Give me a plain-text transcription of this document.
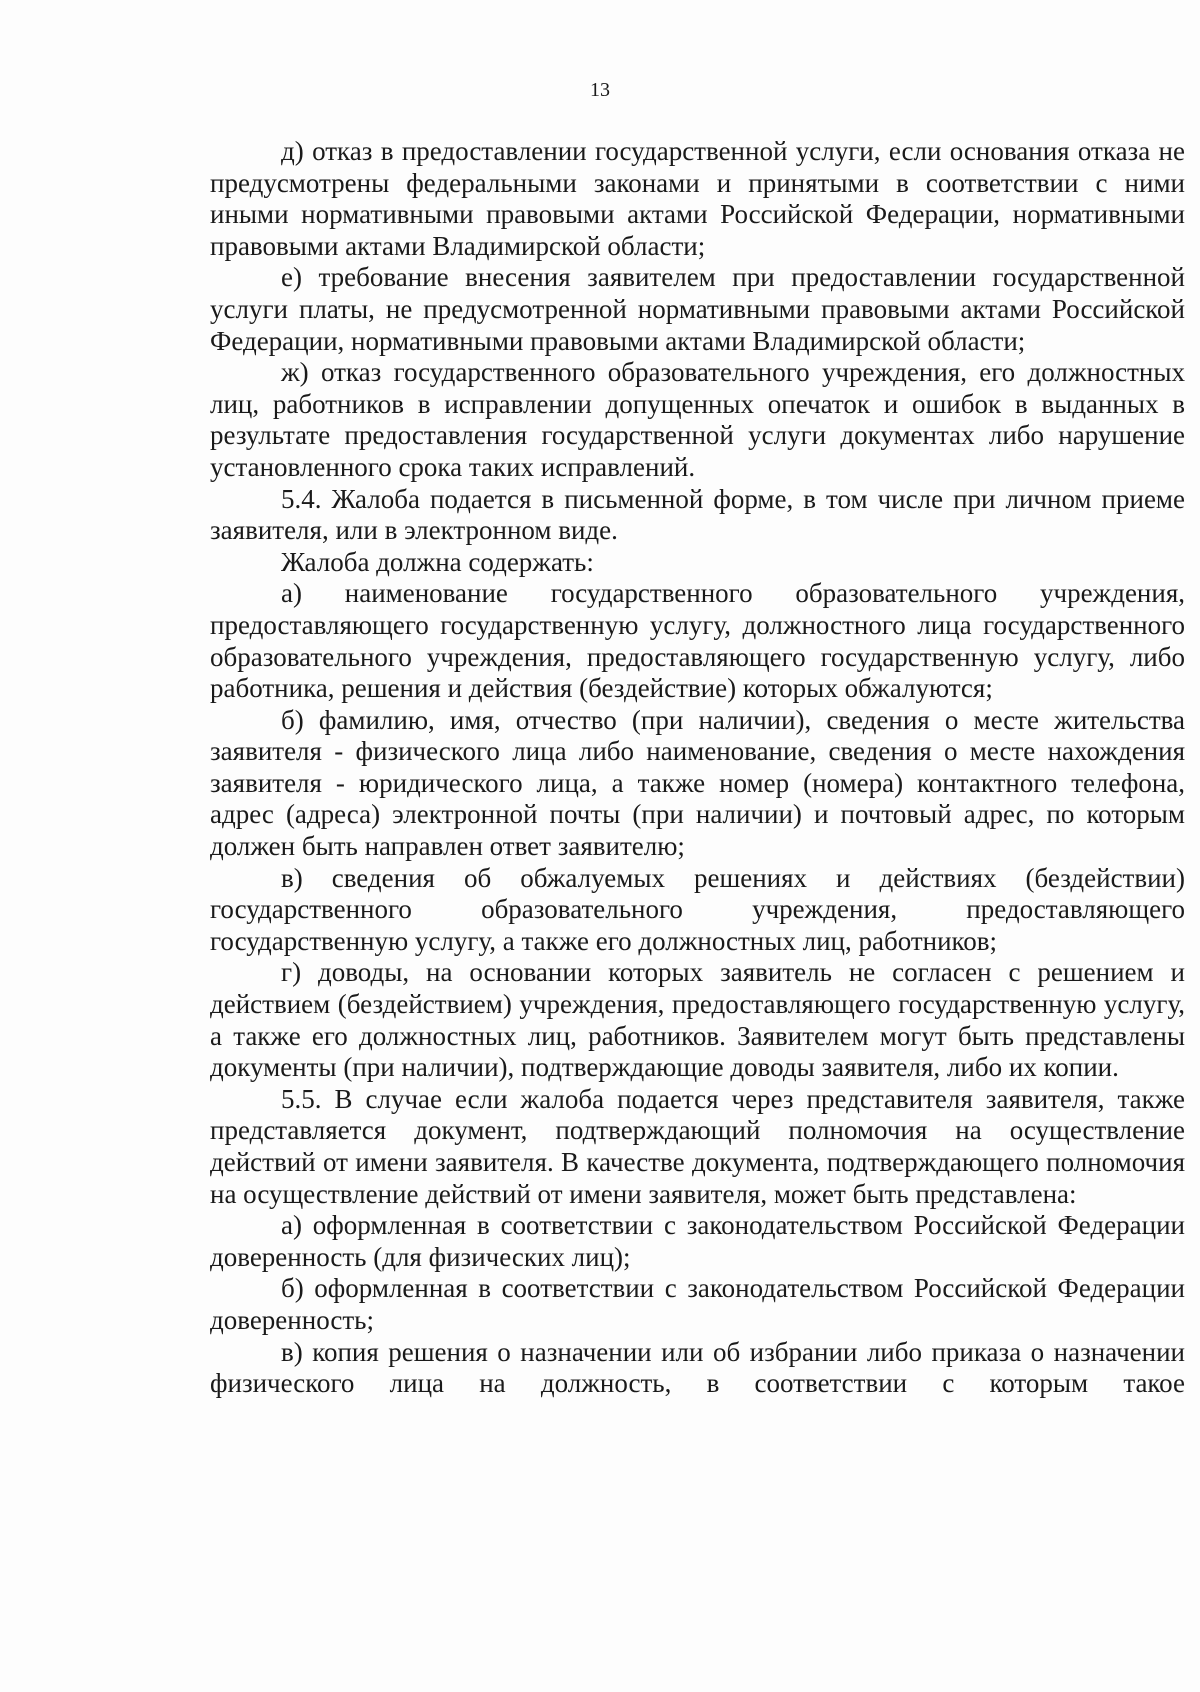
13

д) отказ в предоставлении государственной услуги, если основания отказа не предусмотрены федеральными законами и принятыми в соответствии с ними иными нормативными правовыми актами Российской Федерации, нормативными правовыми актами Владимирской области;

е) требование внесения заявителем при предоставлении государственной услуги платы, не предусмотренной нормативными правовыми актами Российской Федерации, нормативными правовыми актами Владимирской области;

ж) отказ государственного образовательного учреждения, его должностных лиц, работников в исправлении допущенных опечаток и ошибок в выданных в результате предоставления государственной услуги документах либо нарушение установленного срока таких исправлений.

5.4. Жалоба подается в письменной форме, в том числе при личном приеме заявителя, или в электронном виде.

Жалоба должна содержать:

а) наименование государственного образовательного учреждения, предоставляющего государственную услугу, должностного лица государственного образовательного учреждения, предоставляющего государственную услугу, либо работника, решения и действия (бездействие) которых обжалуются;

б) фамилию, имя, отчество (при наличии), сведения о месте жительства заявителя - физического лица либо наименование, сведения о месте нахождения заявителя - юридического лица, а также номер (номера) контактного телефона, адрес (адреса) электронной почты (при наличии) и почтовый адрес, по которым должен быть направлен ответ заявителю;

в) сведения об обжалуемых решениях и действиях (бездействии) государственного образовательного учреждения, предоставляющего государственную услугу, а также его должностных лиц, работников;

г) доводы, на основании которых заявитель не согласен с решением и действием (бездействием) учреждения, предоставляющего государственную услугу, а также его должностных лиц, работников. Заявителем могут быть представлены документы (при наличии), подтверждающие доводы заявителя, либо их копии.

5.5. В случае если жалоба подается через представителя заявителя, также представляется документ, подтверждающий полномочия на осуществление действий от имени заявителя. В качестве документа, подтверждающего полномочия на осуществление действий от имени заявителя, может быть представлена:

а) оформленная в соответствии с законодательством Российской Федерации доверенность (для физических лиц);

б) оформленная в соответствии с законодательством Российской Федерации доверенность;

в) копия решения о назначении или об избрании либо приказа о назначении физического лица на должность, в соответствии с которым такое
